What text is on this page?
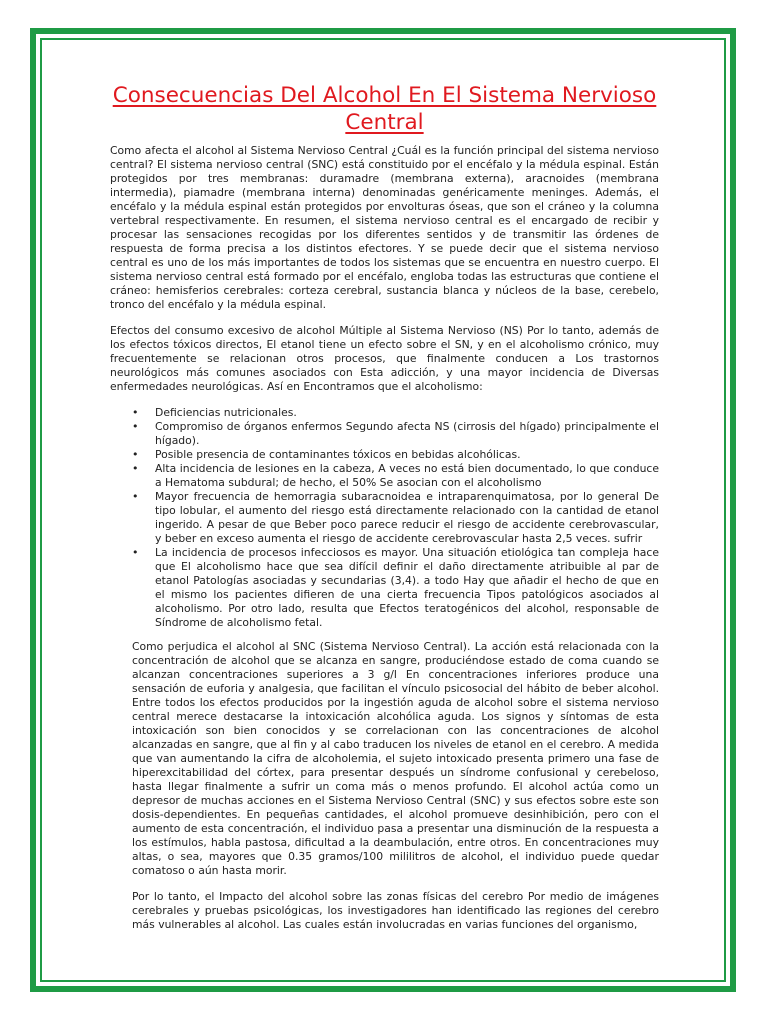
Consecuencias Del Alcohol En El Sistema Nervioso Central

Como afecta el alcohol al Sistema Nervioso Central ¿Cuál es la función principal del sistema nervioso central? El sistema nervioso central (SNC) está constituido por el encéfalo y la médula espinal. Están protegidos por tres membranas: duramadre (membrana externa), aracnoides (membrana intermedia), piamadre (membrana interna) denominadas genéricamente meninges. Además, el encéfalo y la médula espinal están protegidos por envolturas óseas, que son el cráneo y la columna vertebral respectivamente. En resumen, el sistema nervioso central es el encargado de recibir y procesar las sensaciones recogidas por los diferentes sentidos y de transmitir las órdenes de respuesta de forma precisa a los distintos efectores. Y se puede decir que el sistema nervioso central es uno de los más importantes de todos los sistemas que se encuentra en nuestro cuerpo. El sistema nervioso central está formado por el encéfalo, engloba todas las estructuras que contiene el cráneo: hemisferios cerebrales: corteza cerebral, sustancia blanca y núcleos de la base, cerebelo, tronco del encéfalo y la médula espinal.

Efectos del consumo excesivo de alcohol Múltiple al Sistema Nervioso (NS) Por lo tanto, además de los efectos tóxicos directos, El etanol tiene un efecto sobre el SN, y en el alcoholismo crónico, muy frecuentemente se relacionan otros procesos, que finalmente conducen a Los trastornos neurológicos más comunes asociados con Esta adicción, y una mayor incidencia de Diversas enfermedades neurológicas. Así en Encontramos que el alcoholismo:

• Deficiencias nutricionales.
• Compromiso de órganos enfermos Segundo afecta NS (cirrosis del hígado) principalmente el hígado).
• Posible presencia de contaminantes tóxicos en bebidas alcohólicas.
• Alta incidencia de lesiones en la cabeza, A veces no está bien documentado, lo que conduce a Hematoma subdural; de hecho, el 50% Se asocian con el alcoholismo
• Mayor frecuencia de hemorragia subaracnoidea e intraparenquimatosa, por lo general De tipo lobular, el aumento del riesgo está directamente relacionado con la cantidad de etanol ingerido. A pesar de que Beber poco parece reducir el riesgo de accidente cerebrovascular, y beber en exceso aumenta el riesgo de accidente cerebrovascular hasta 2,5 veces. sufrir
• La incidencia de procesos infecciosos es mayor. Una situación etiológica tan compleja hace que El alcoholismo hace que sea difícil definir el daño directamente atribuible al par de etanol Patologías asociadas y secundarias (3,4). a todo Hay que añadir el hecho de que en el mismo los pacientes difieren de una cierta frecuencia Tipos patológicos asociados al alcoholismo. Por otro lado, resulta que Efectos teratogénicos del alcohol, responsable de Síndrome de alcoholismo fetal.

Como perjudica el alcohol al SNC (Sistema Nervioso Central). La acción está relacionada con la concentración de alcohol que se alcanza en sangre, produciéndose estado de coma cuando se alcanzan concentraciones superiores a 3 g/l En concentraciones inferiores produce una sensación de euforia y analgesia, que facilitan el vínculo psicosocial del hábito de beber alcohol. Entre todos los efectos producidos por la ingestión aguda de alcohol sobre el sistema nervioso central merece destacarse la intoxicación alcohólica aguda. Los signos y síntomas de esta intoxicación son bien conocidos y se correlacionan con las concentraciones de alcohol alcanzadas en sangre, que al fin y al cabo traducen los niveles de etanol en el cerebro. A medida que van aumentando la cifra de alcoholemia, el sujeto intoxicado presenta primero una fase de hiperexcitabilidad del córtex, para presentar después un síndrome confusional y cerebeloso, hasta llegar finalmente a sufrir un coma más o menos profundo. El alcohol actúa como un depresor de muchas acciones en el Sistema Nervioso Central (SNC) y sus efectos sobre este son dosis-dependientes. En pequeñas cantidades, el alcohol promueve desinhibición, pero con el aumento de esta concentración, el individuo pasa a presentar una disminución de la respuesta a los estímulos, habla pastosa, dificultad a la deambulación, entre otros. En concentraciones muy altas, o sea, mayores que 0.35 gramos/100 mililitros de alcohol, el individuo puede quedar comatoso o aún hasta morir.

Por lo tanto, el Impacto del alcohol sobre las zonas físicas del cerebro Por medio de imágenes cerebrales y pruebas psicológicas, los investigadores han identificado las regiones del cerebro más vulnerables al alcohol. Las cuales están involucradas en varias funciones del organismo,
